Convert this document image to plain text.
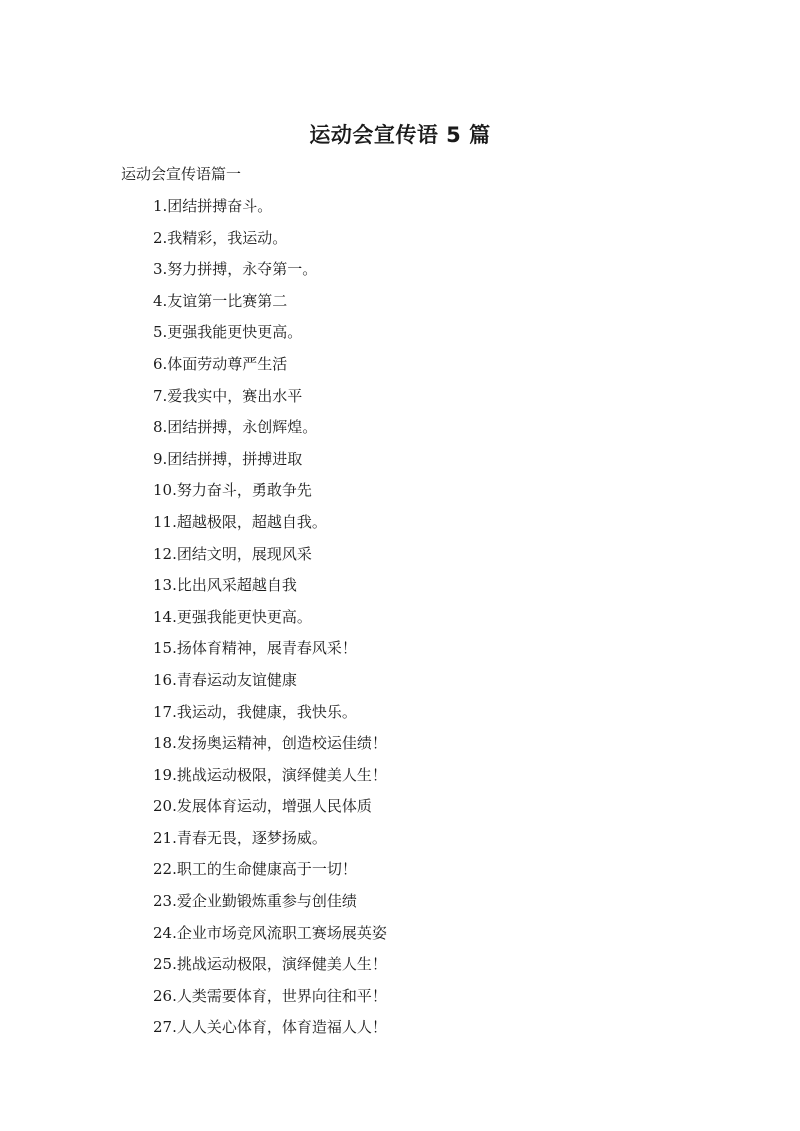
运动会宣传语 5 篇

运动会宣传语篇一

1.团结拼搏奋斗。
2.我精彩，我运动。
3.努力拼搏，永夺第一。
4.友谊第一比赛第二
5.更强我能更快更高。
6.体面劳动尊严生活
7.爱我实中，赛出水平
8.团结拼搏，永创辉煌。
9.团结拼搏，拼搏进取
10.努力奋斗，勇敢争先
11.超越极限，超越自我。
12.团结文明，展现风采
13.比出风采超越自我
14.更强我能更快更高。
15.扬体育精神，展青春风采！
16.青春运动友谊健康
17.我运动，我健康，我快乐。
18.发扬奥运精神，创造校运佳绩！
19.挑战运动极限，演绎健美人生！
20.发展体育运动，增强人民体质
21.青春无畏，逐梦扬威。
22.职工的生命健康高于一切！
23.爱企业勤锻炼重参与创佳绩
24.企业市场竞风流职工赛场展英姿
25.挑战运动极限，演绎健美人生！
26.人类需要体育，世界向往和平！
27.人人关心体育，体育造福人人！
